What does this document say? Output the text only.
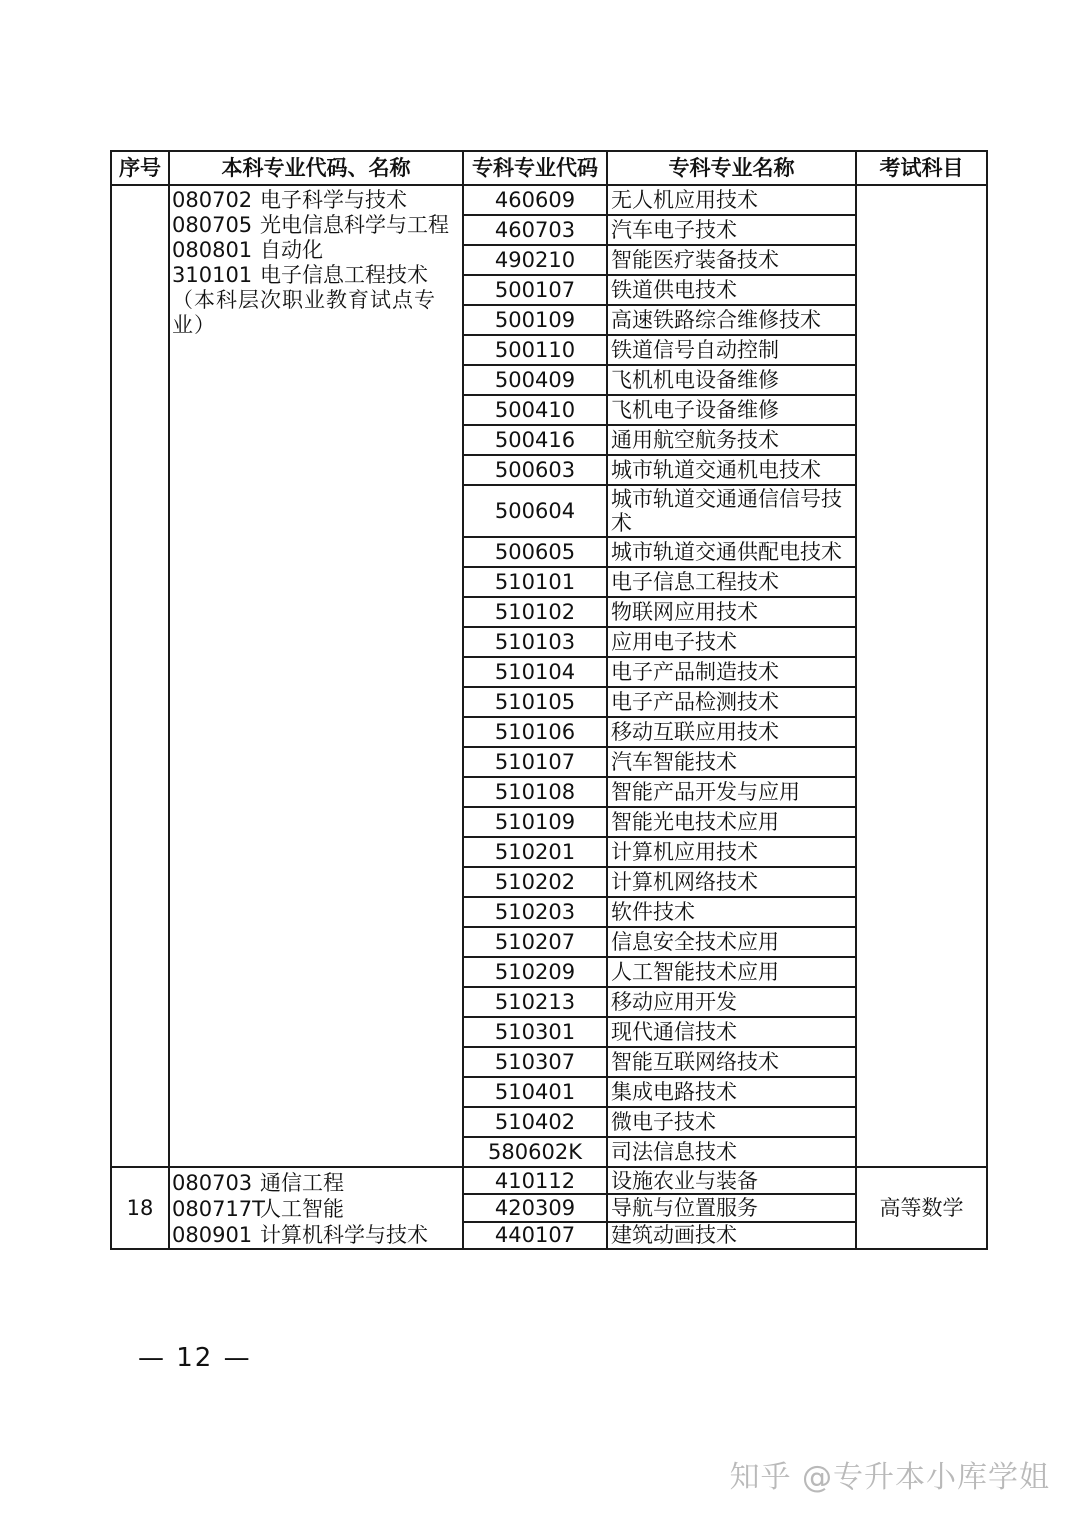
序号	本科专业代码、名称	专科专业代码	专科专业名称	考试科目

	080702 电子科学与技术
080705 光电信息科学与工程
080801 自动化
310101 电子信息工程技术
（本科层次职业教育试点专业）	460609	无人机应用技术	
		460703	汽车电子技术	
		490210	智能医疗装备技术	
		500107	铁道供电技术	
		500109	高速铁路综合维修技术	
		500110	铁道信号自动控制	
		500409	飞机机电设备维修	
		500410	飞机电子设备维修	
		500416	通用航空航务技术	
		500603	城市轨道交通机电技术	
		500604	城市轨道交通通信信号技术	
		500605	城市轨道交通供配电技术	
		510101	电子信息工程技术	
		510102	物联网应用技术	
		510103	应用电子技术	
		510104	电子产品制造技术	
		510105	电子产品检测技术	
		510106	移动互联应用技术	
		510107	汽车智能技术	
		510108	智能产品开发与应用	
		510109	智能光电技术应用	
		510201	计算机应用技术	
		510202	计算机网络技术	
		510203	软件技术	
		510207	信息安全技术应用	
		510209	人工智能技术应用	
		510213	移动应用开发	
		510301	现代通信技术	
		510307	智能互联网络技术	
		510401	集成电路技术	
		510402	微电子技术	
		580602K	司法信息技术	
18	080703 通信工程
080717T人工智能
080901 计算机科学与技术	410112	设施农业与装备	高等数学
		420309	导航与位置服务	
		440107	建筑动画技术	
— 12 —
知乎 @专升本小库学姐
